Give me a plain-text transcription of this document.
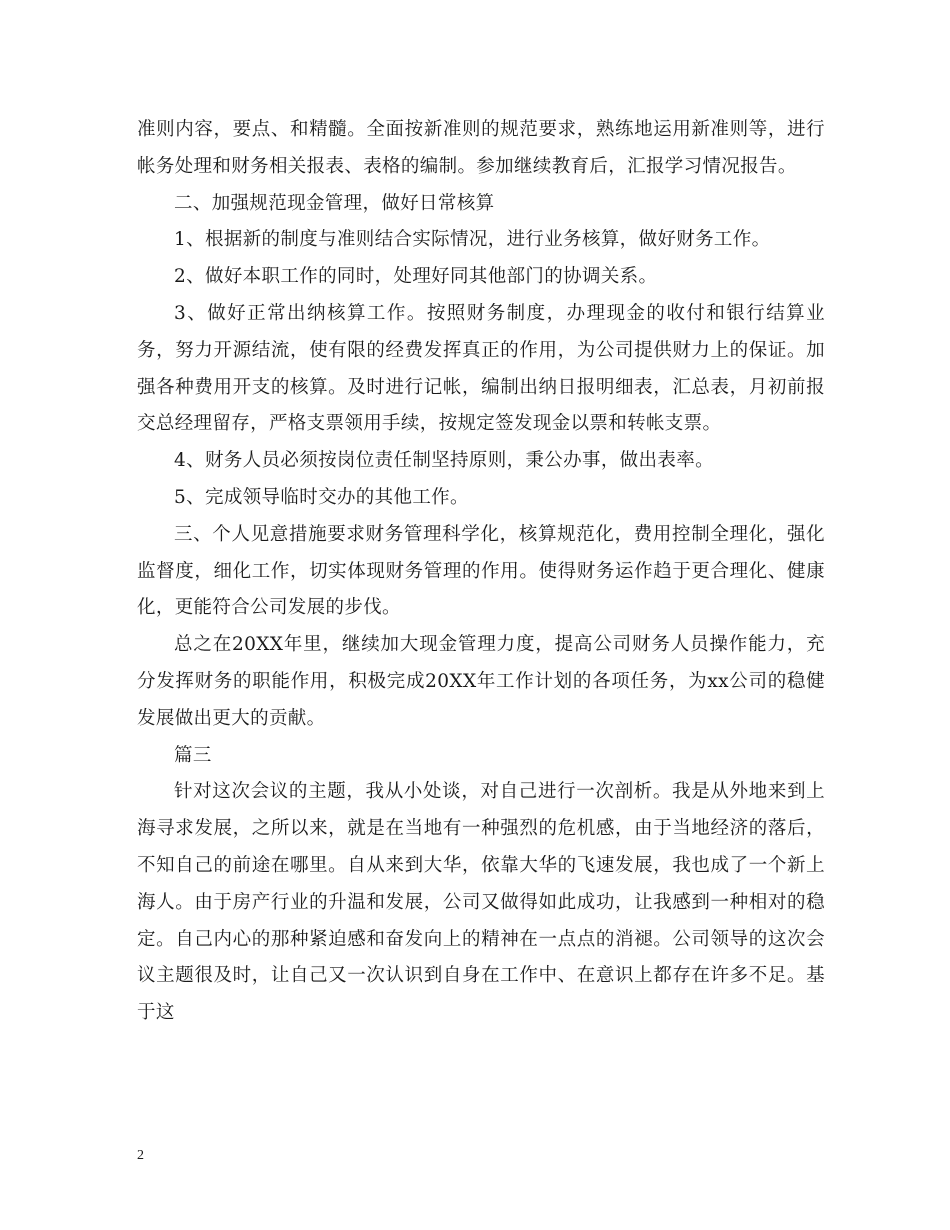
准则内容，要点、和精髓。全面按新准则的规范要求，熟练地运用新准则等，进行帐务处理和财务相关报表、表格的编制。参加继续教育后，汇报学习情况报告。

二、加强规范现金管理，做好日常核算

1、根据新的制度与准则结合实际情况，进行业务核算，做好财务工作。

2、做好本职工作的同时，处理好同其他部门的协调关系。

3、做好正常出纳核算工作。按照财务制度，办理现金的收付和银行结算业务，努力开源结流，使有限的经费发挥真正的作用，为公司提供财力上的保证。加强各种费用开支的核算。及时进行记帐，编制出纳日报明细表，汇总表，月初前报交总经理留存，严格支票领用手续，按规定签发现金以票和转帐支票。

4、财务人员必须按岗位责任制坚持原则，秉公办事，做出表率。

5、完成领导临时交办的其他工作。

三、个人见意措施要求财务管理科学化，核算规范化，费用控制全理化，强化监督度，细化工作，切实体现财务管理的作用。使得财务运作趋于更合理化、健康化，更能符合公司发展的步伐。

总之在20XX年里，继续加大现金管理力度，提高公司财务人员操作能力，充分发挥财务的职能作用，积极完成20XX年工作计划的各项任务，为xx公司的稳健发展做出更大的贡献。

篇三

针对这次会议的主题，我从小处谈，对自己进行一次剖析。我是从外地来到上海寻求发展，之所以来，就是在当地有一种强烈的危机感，由于当地经济的落后，不知自己的前途在哪里。自从来到大华，依靠大华的飞速发展，我也成了一个新上海人。由于房产行业的升温和发展，公司又做得如此成功，让我感到一种相对的稳定。自己内心的那种紧迫感和奋发向上的精神在一点点的消褪。公司领导的这次会议主题很及时，让自己又一次认识到自身在工作中、在意识上都存在许多不足。基于这

2
